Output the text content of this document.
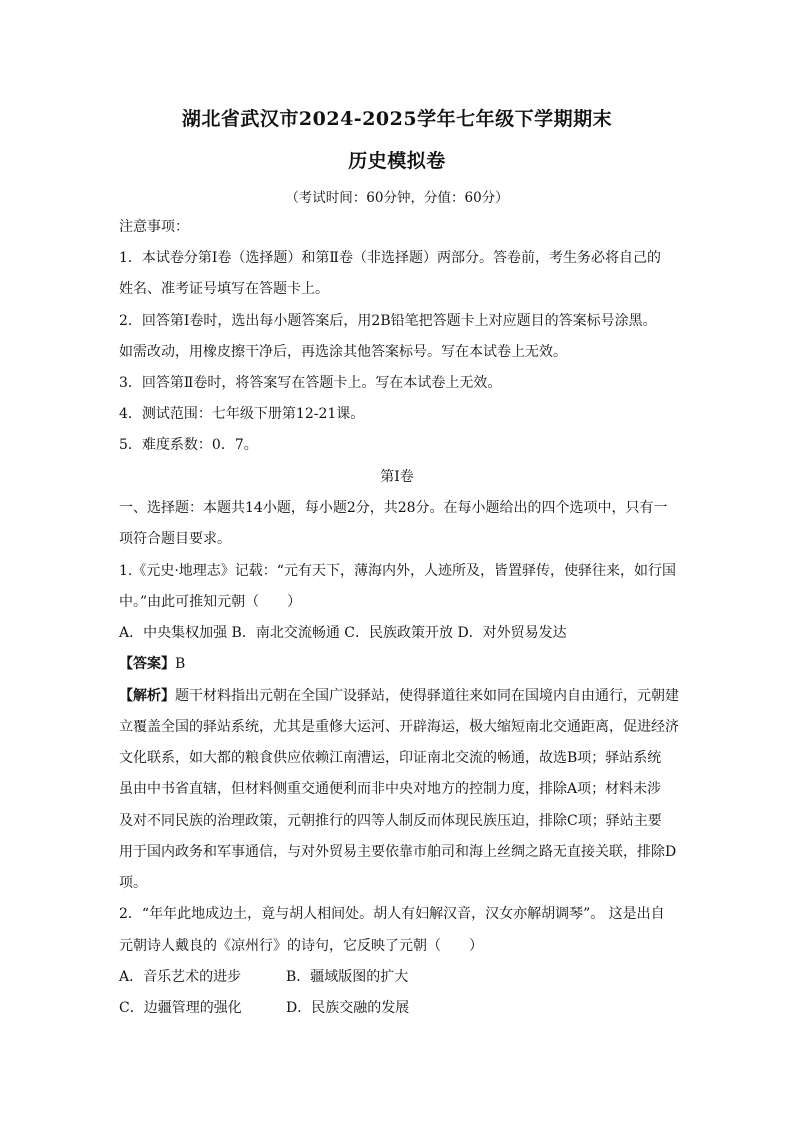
湖北省武汉市2024-2025学年七年级下学期期末
历史模拟卷
（考试时间：60分钟，分值：60分）
注意事项：
1．本试卷分第Ⅰ卷（选择题）和第Ⅱ卷（非选择题）两部分。答卷前，考生务必将自己的
姓名、准考证号填写在答题卡上。
2．回答第Ⅰ卷时，选出每小题答案后，用2B铅笔把答题卡上对应题目的答案标号涂黑。
如需改动，用橡皮擦干净后，再选涂其他答案标号。写在本试卷上无效。
3．回答第Ⅱ卷时，将答案写在答题卡上。写在本试卷上无效。
4．测试范围：七年级下册第12-21课。
5．难度系数：0．7。
第Ⅰ卷
一、选择题：本题共14小题，每小题2分，共28分。在每小题给出的四个选项中，只有一
项符合题目要求。
1.《元史·地理志》记载：“元有天下，薄海内外，人迹所及，皆置驿传，使驿往来，如行国
中。”由此可推知元朝（　　）
A．中央集权加强 B．南北交流畅通 C．民族政策开放 D．对外贸易发达
【答案】B
【解析】题干材料指出元朝在全国广设驿站，使得驿道往来如同在国境内自由通行，元朝建
立覆盖全国的驿站系统，尤其是重修大运河、开辟海运，极大缩短南北交通距离，促进经济
文化联系，如大都的粮食供应依赖江南漕运，印证南北交流的畅通，故选B项；驿站系统
虽由中书省直辖，但材料侧重交通便利而非中央对地方的控制力度，排除A项；材料未涉
及对不同民族的治理政策，元朝推行的四等人制反而体现民族压迫，排除C项；驿站主要
用于国内政务和军事通信，与对外贸易主要依靠市舶司和海上丝绸之路无直接关联，排除D
项。
2．“年年此地成边土，竟与胡人相间处。胡人有妇解汉音，汉女亦解胡调琴”。 这是出自
元朝诗人戴良的《凉州行》的诗句，它反映了元朝（　　）
A．音乐艺术的进步	B．疆域版图的扩大
C．边疆管理的强化	D．民族交融的发展
